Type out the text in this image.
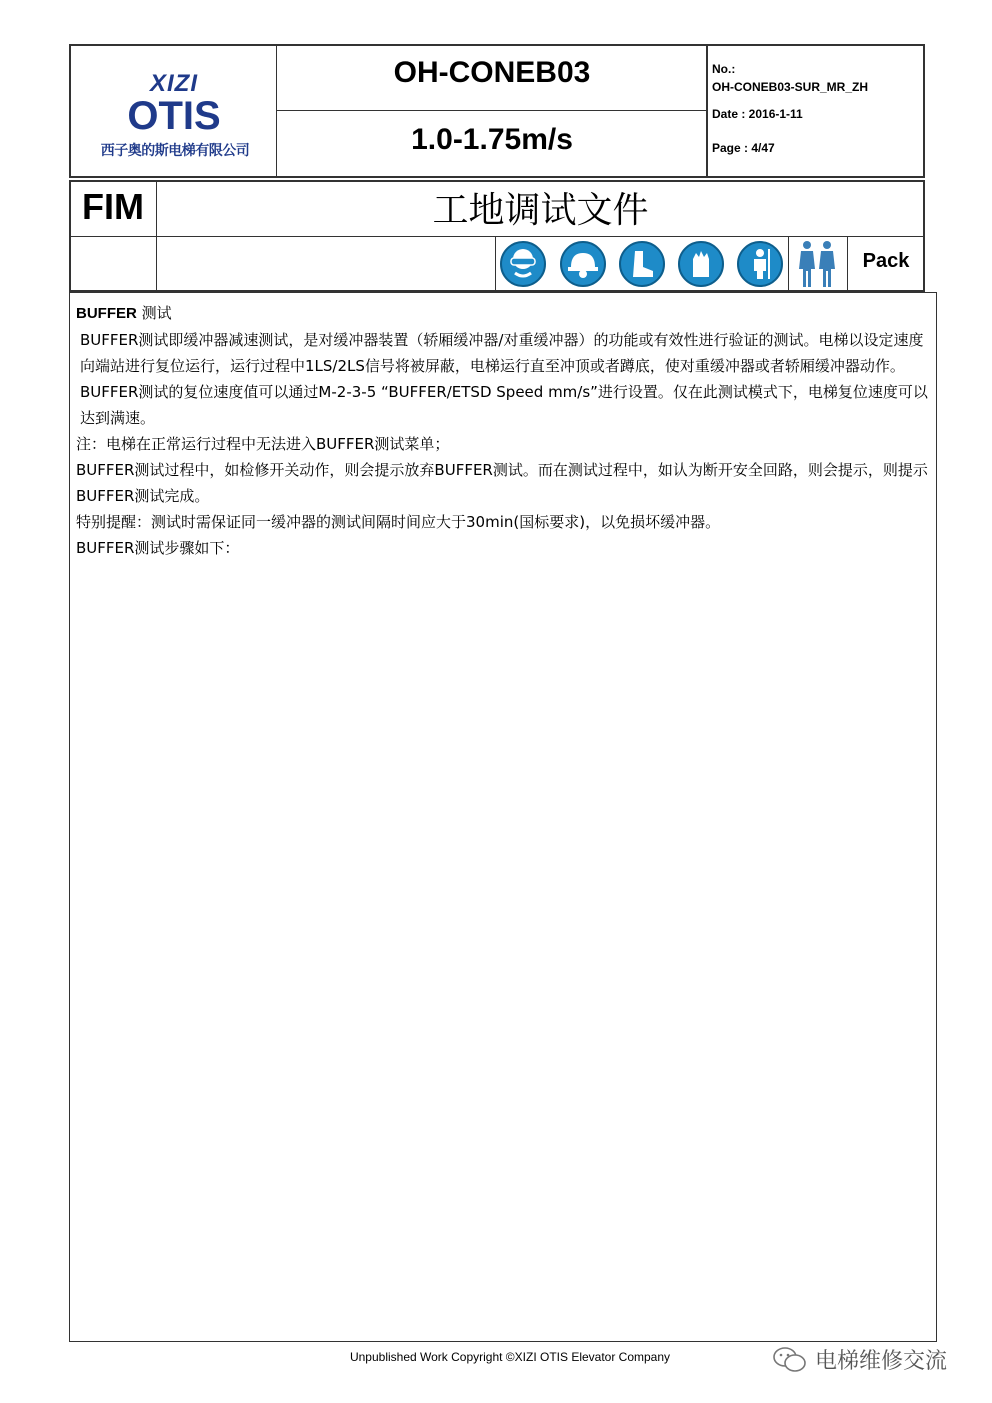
XIZI
OTIS
西子奥的斯电梯有限公司
OH-CONEB03
1.0-1.75m/s
No.:
OH-CONEB03-SUR_MR_ZH
Date : 2016-1-11
Page : 4/47
FIM	工地调试文件
Pack

BUFFER 测试

BUFFER测试即缓冲器减速测试，是对缓冲器装置（轿厢缓冲器/对重缓冲器）的功能或有效性进行验证的测试。电梯以设定速度向端站进行复位运行，运行过程中1LS/2LS信号将被屏蔽，电梯运行直至冲顶或者蹲底，使对重缓冲器或者轿厢缓冲器动作。

BUFFER测试的复位速度值可以通过M-2-3-5 “BUFFER/ETSD Speed mm/s”进行设置。仅在此测试模式下，电梯复位速度可以达到满速。

注：电梯在正常运行过程中无法进入BUFFER测试菜单；

BUFFER测试过程中，如检修开关动作，则会提示放弃BUFFER测试。而在测试过程中，如认为断开安全回路，则会提示，则提示BUFFER测试完成。

特别提醒：测试时需保证同一缓冲器的测试间隔时间应大于30min(国标要求)，以免损坏缓冲器。

BUFFER测试步骤如下：

Unpublished Work Copyright ©XIZI OTIS Elevator Company	电梯维修交流
